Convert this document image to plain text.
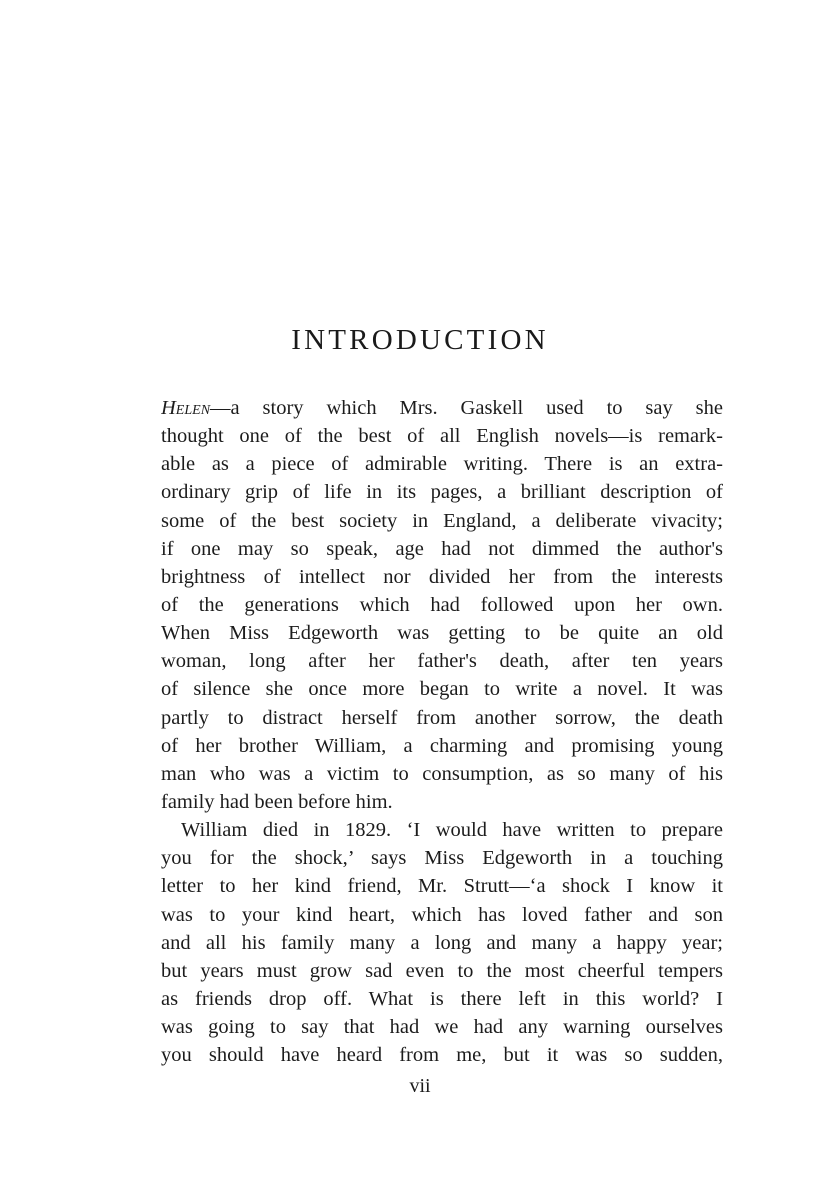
INTRODUCTION
Helen—a story which Mrs. Gaskell used to say she
thought one of the best of all English novels—is remark-
able as a piece of admirable writing. There is an extra-
ordinary grip of life in its pages, a brilliant description of
some of the best society in England, a deliberate vivacity;
if one may so speak, age had not dimmed the author's
brightness of intellect nor divided her from the interests
of the generations which had followed upon her own.
When Miss Edgeworth was getting to be quite an old
woman, long after her father's death, after ten years
of silence she once more began to write a novel. It was
partly to distract herself from another sorrow, the death
of her brother William, a charming and promising young
man who was a victim to consumption, as so many of his
family had been before him.
William died in 1829. ‘I would have written to prepare
you for the shock,’ says Miss Edgeworth in a touching
letter to her kind friend, Mr. Strutt—‘a shock I know it
was to your kind heart, which has loved father and son
and all his family many a long and many a happy year;
but years must grow sad even to the most cheerful tempers
as friends drop off. What is there left in this world? I
was going to say that had we had any warning ourselves
you should have heard from me, but it was so sudden,
vii
